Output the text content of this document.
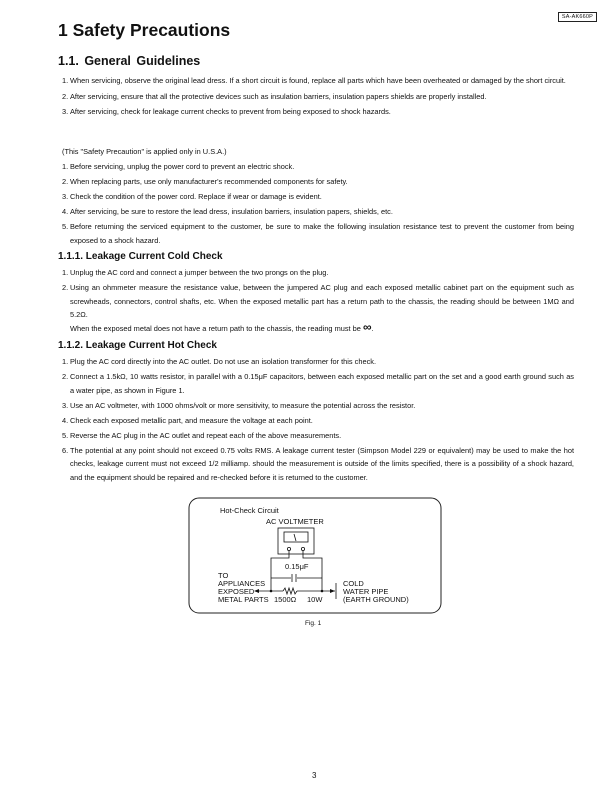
SA-AK660P
1 Safety Precautions
1.1. General Guidelines
1. When servicing, observe the original lead dress. If a short circuit is found, replace all parts which have been overheated or damaged by the short circuit.
2. After servicing, ensure that all the protective devices such as insulation barriers, insulation papers shields are properly installed.
3. After servicing, check for leakage current checks to prevent from being exposed to shock hazards.

(This "Safety Precaution" is applied only in U.S.A.)

1. Before servicing, unplug the power cord to prevent an electric shock.
2. When replacing parts, use only manufacturer's recommended components for safety.
3. Check the condition of the power cord. Replace if wear or damage is evident.
4. After servicing, be sure to restore the lead dress, insulation barriers, insulation papers, shields, etc.
5. Before returning the serviced equipment to the customer, be sure to make the following insulation resistance test to prevent the customer from being exposed to a shock hazard.
1.1.1. Leakage Current Cold Check
1. Unplug the AC cord and connect a jumper between the two prongs on the plug.
2. Using an ohmmeter measure the resistance value, between the jumpered AC plug and each exposed metallic cabinet part on the equipment such as screwheads, connectors, control shafts, etc. When the exposed metallic part has a return path to the chassis, the reading should be between 1MΩ and 5.2Ω.
When the exposed metal does not have a return path to the chassis, the reading must be ∞.
1.1.2. Leakage Current Hot Check
1. Plug the AC cord directly into the AC outlet. Do not use an isolation transformer for this check.
2. Connect a 1.5kΩ, 10 watts resistor, in parallel with a 0.15μF capacitors, between each exposed metallic part on the set and a good earth ground such as a water pipe, as shown in Figure 1.
3. Use an AC voltmeter, with 1000 ohms/volt or more sensitivity, to measure the potential across the resistor.
4. Check each exposed metallic part, and measure the voltage at each point.
5. Reverse the AC plug in the AC outlet and repeat each of the above measurements.
6. The potential at any point should not exceed 0.75 volts RMS. A leakage current tester (Simpson Model 229 or equivalent) may be used to make the hot checks, leakage current must not exceed 1/2 milliamp. should the measurement is outside of the limits specified, there is a possibility of a shock hazard, and the equipment should be repaired and re-checked before it is returned to the customer.
Hot-Check Circuit
AC VOLTMETER
0.15μF
TO
APPLIANCES
EXPOSED
METAL PARTS 1500Ω 10W
COLD
WATER PIPE
(EARTH GROUND)

Fig. 1

3
